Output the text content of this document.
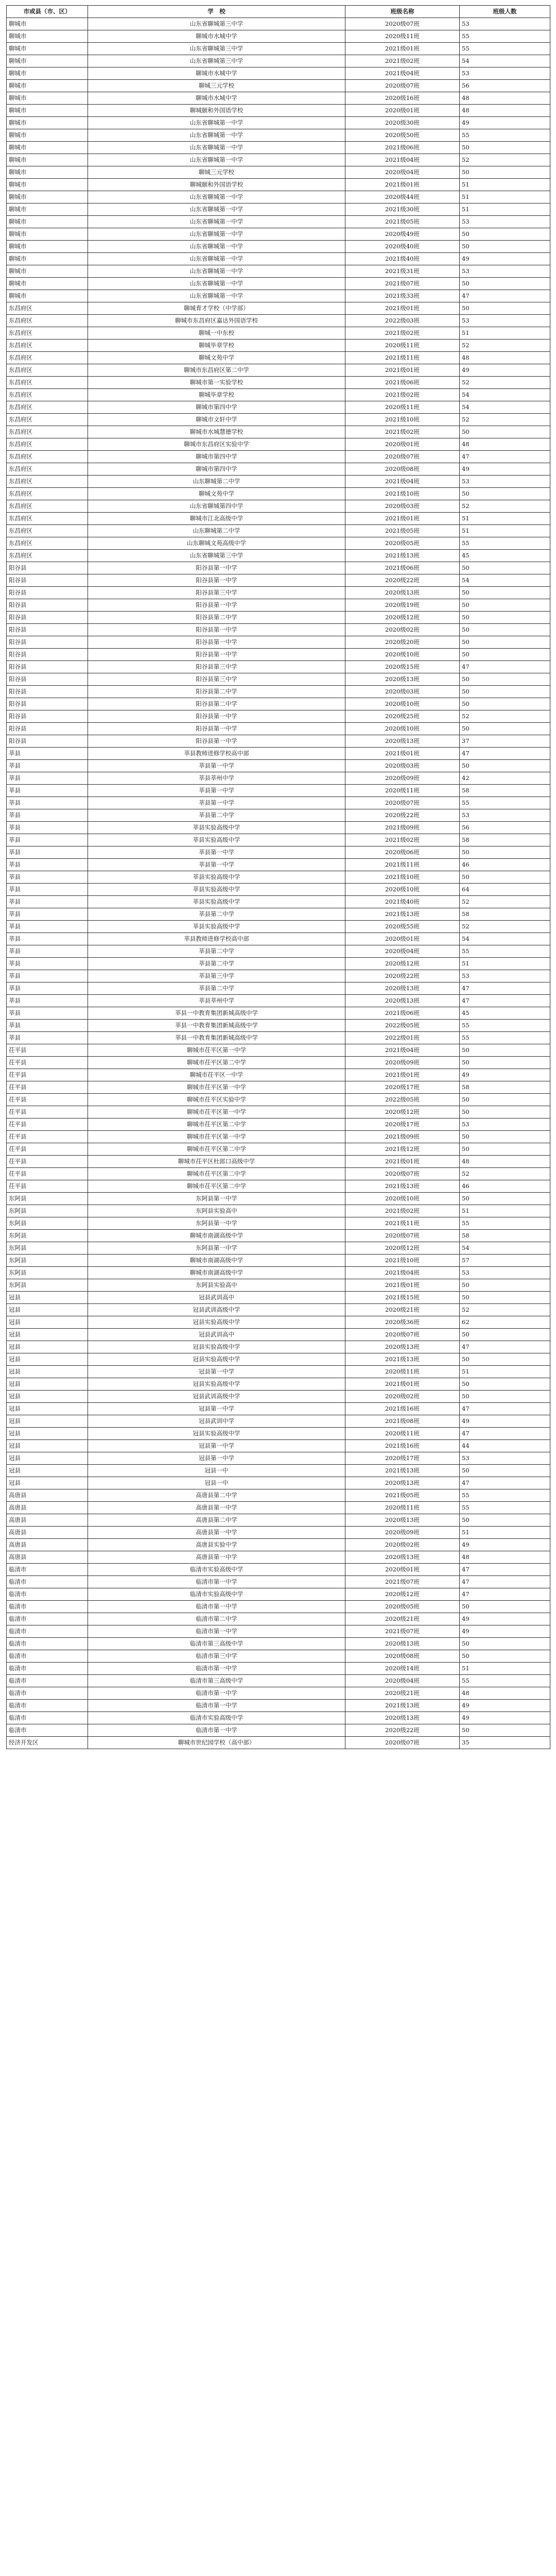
市或县（市、区）	学　校	班级名称	班级人数
聊城市	山东省聊城第三中学	2020级07班	53
聊城市	聊城市水城中学	2020级11班	55
聊城市	山东省聊城第三中学	2021级01班	55
聊城市	山东省聊城第三中学	2021级02班	54
聊城市	聊城市水城中学	2021级04班	53
聊城市	聊城三元学校	2020级07班	56
聊城市	聊城市水城中学	2020级16班	48
聊城市	聊城颐和外国语学校	2020级01班	48
聊城市	山东省聊城第一中学	2020级30班	49
聊城市	山东省聊城第一中学	2020级50班	55
聊城市	山东省聊城第一中学	2021级06班	50
聊城市	山东省聊城第一中学	2021级04班	52
聊城市	聊城三元学校	2020级04班	50
聊城市	聊城颐和外国语学校	2021级01班	51
聊城市	山东省聊城第一中学	2020级44班	51
聊城市	山东省聊城第一中学	2021级30班	51
聊城市	山东省聊城第一中学	2021级05班	53
聊城市	山东省聊城第一中学	2020级49班	50
聊城市	山东省聊城第一中学	2020级40班	50
聊城市	山东省聊城第一中学	2021级40班	49
聊城市	山东省聊城第一中学	2021级31班	53
聊城市	山东省聊城第一中学	2021级07班	50
聊城市	山东省聊城第一中学	2021级33班	47
东昌府区	聊城育才学校（中学部）	2021级01班	50
东昌府区	聊城市东昌府区嘉达外国语学校	2022级03班	53
东昌府区	聊城一中东校	2021级02班	51
东昌府区	聊城毕章学校	2020级11班	52
东昌府区	聊城文苑中学	2021级11班	48
东昌府区	聊城市东昌府区第二中学	2021级01班	49
东昌府区	聊城市第一实验学校	2021级06班	52
东昌府区	聊城毕章学校	2021级02班	54
东昌府区	聊城市第四中学	2020级11班	54
东昌府区	聊城市文轩中学	2021级10班	52
东昌府区	聊城市水城慧德学校	2021级02班	50
东昌府区	聊城市东昌府区实验中学	2020级01班	48
东昌府区	聊城市第四中学	2020级07班	47
东昌府区	聊城市第四中学	2020级08班	49
东昌府区	山东聊城第二中学	2021级04班	53
东昌府区	聊城文苑中学	2021级10班	50
东昌府区	山东省聊城第四中学	2020级03班	52
东昌府区	聊城市江北高级中学	2021级01班	51
东昌府区	山东聊城第二中学	2021级05班	51
东昌府区	山东聊城文苑高级中学	2020级05班	55
东昌府区	山东省聊城第三中学	2021级13班	45
阳谷县	阳谷县第一中学	2021级06班	50
阳谷县	阳谷县第一中学	2020级22班	54
阳谷县	阳谷县第三中学	2020级13班	50
阳谷县	阳谷县第一中学	2020级19班	50
阳谷县	阳谷县第二中学	2020级12班	50
阳谷县	阳谷县第一中学	2020级02班	50
阳谷县	阳谷县第一中学	2020级20班	50
阳谷县	阳谷县第一中学	2020级10班	50
阳谷县	阳谷县第三中学	2020级15班	47
阳谷县	阳谷县第三中学	2020级13班	50
阳谷县	阳谷县第二中学	2020级03班	50
阳谷县	阳谷县第二中学	2020级10班	50
阳谷县	阳谷县第一中学	2020级25班	52
阳谷县	阳谷县第一中学	2020级10班	50
阳谷县	阳谷县第一中学	2020级13班	37
莘县	莘县教师进修学校高中部	2021级01班	47
莘县	莘县第一中学	2020级03班	50
莘县	莘县莘州中学	2020级09班	42
莘县	莘县第一中学	2020级11班	58
莘县	莘县第一中学	2020级07班	55
莘县	莘县第二中学	2020级22班	53
莘县	莘县实验高级中学	2021级09班	56
莘县	莘县实验高级中学	2021级02班	58
莘县	莘县第一中学	2020级06班	50
莘县	莘县第一中学	2021级11班	46
莘县	莘县实验高级中学	2021级10班	50
莘县	莘县实验高级中学	2020级10班	64
莘县	莘县实验高级中学	2021级40班	52
莘县	莘县第二中学	2021级13班	58
莘县	莘县实验高级中学	2020级55班	52
莘县	莘县教师进修学校高中部	2020级01班	54
莘县	莘县第二中学	2020级04班	55
莘县	莘县第二中学	2020级12班	51
莘县	莘县第三中学	2020级22班	53
莘县	莘县第二中学	2020级13班	47
莘县	莘县莘州中学	2020级13班	47
莘县	莘县一中教育集团新城高级中学	2021级06班	45
莘县	莘县一中教育集团新城高级中学	2022级05班	55
莘县	莘县一中教育集团新城高级中学	2022级01班	55
茌平县	聊城市茌平区第一中学	2021级04班	50
茌平县	聊城市茌平区第二中学	2020级09班	50
茌平县	聊城市茌平区一中学	2021级01班	49
茌平县	聊城市茌平区第一中学	2020级17班	58
茌平县	聊城市茌平区实验中学	2022级05班	50
茌平县	聊城市茌平区第一中学	2020级12班	50
茌平县	聊城市茌平区第二中学	2020级17班	53
茌平县	聊城市茌平区第一中学	2021级09班	50
茌平县	聊城市茌平区第二中学	2021级12班	50
茌平县	聊城市茌平区杜郎口高级中学	2021级01班	48
茌平县	聊城市茌平区第二中学	2020级07班	52
茌平县	聊城市茌平区第二中学	2021级13班	46
东阿县	东阿县第一中学	2020级10班	50
东阿县	东阿县实验高中	2021级02班	51
东阿县	东阿县第一中学	2021级11班	55
东阿县	聊城市南湖高级中学	2020级07班	58
东阿县	东阿县第一中学	2020级12班	54
东阿县	聊城市南湖高级中学	2021级10班	57
东阿县	聊城市南湖高级中学	2021级04班	53
东阿县	东阿县实验高中	2021级01班	50
冠县	冠县武训高中	2021级15班	50
冠县	冠县武训高级中学	2020级21班	52
冠县	冠县实验高级中学	2020级36班	62
冠县	冠县武训高中	2020级07班	50
冠县	冠县实验高级中学	2020级13班	47
冠县	冠县实验高级中学	2021级13班	50
冠县	冠县第一中学	2020级11班	51
冠县	冠县实验高级中学	2021级01班	50
冠县	冠县武训高级中学	2020级02班	50
冠县	冠县第一中学	2021级16班	47
冠县	冠县武训中学	2021级08班	49
冠县	冠县实验高级中学	2020级11班	47
冠县	冠县第一中学	2021级16班	44
冠县	冠县第一中学	2020级17班	53
冠县	冠县一中	2021级13班	50
冠县	冠县一中	2020级13班	47
高唐县	高唐县第二中学	2021级05班	55
高唐县	高唐县第一中学	2020级11班	55
高唐县	高唐县第二中学	2020级13班	50
高唐县	高唐县第一中学	2020级09班	51
高唐县	高唐县实验中学	2020级02班	49
高唐县	高唐县第一中学	2020级13班	48
临清市	临清市实验高级中学	2020级01班	47
临清市	临清市第一中学	2021级07班	47
临清市	临清市实验高级中学	2020级12班	47
临清市	临清市第一中学	2020级05班	50
临清市	临清市第二中学	2020级21班	49
临清市	临清市第一中学	2021级07班	49
临清市	临清市第三高级中学	2020级13班	50
临清市	临清市第三中学	2020级08班	50
临清市	临清市第一中学	2020级14班	51
临清市	临清市第三高级中学	2020级04班	55
临清市	临清市第一中学	2020级21班	48
临清市	临清市第一中学	2021级13班	49
临清市	临清市实验高级中学	2020级13班	49
临清市	临清市第一中学	2020级22班	50
经济开发区	聊城市世纪园学校（高中部）	2020级07班	35
